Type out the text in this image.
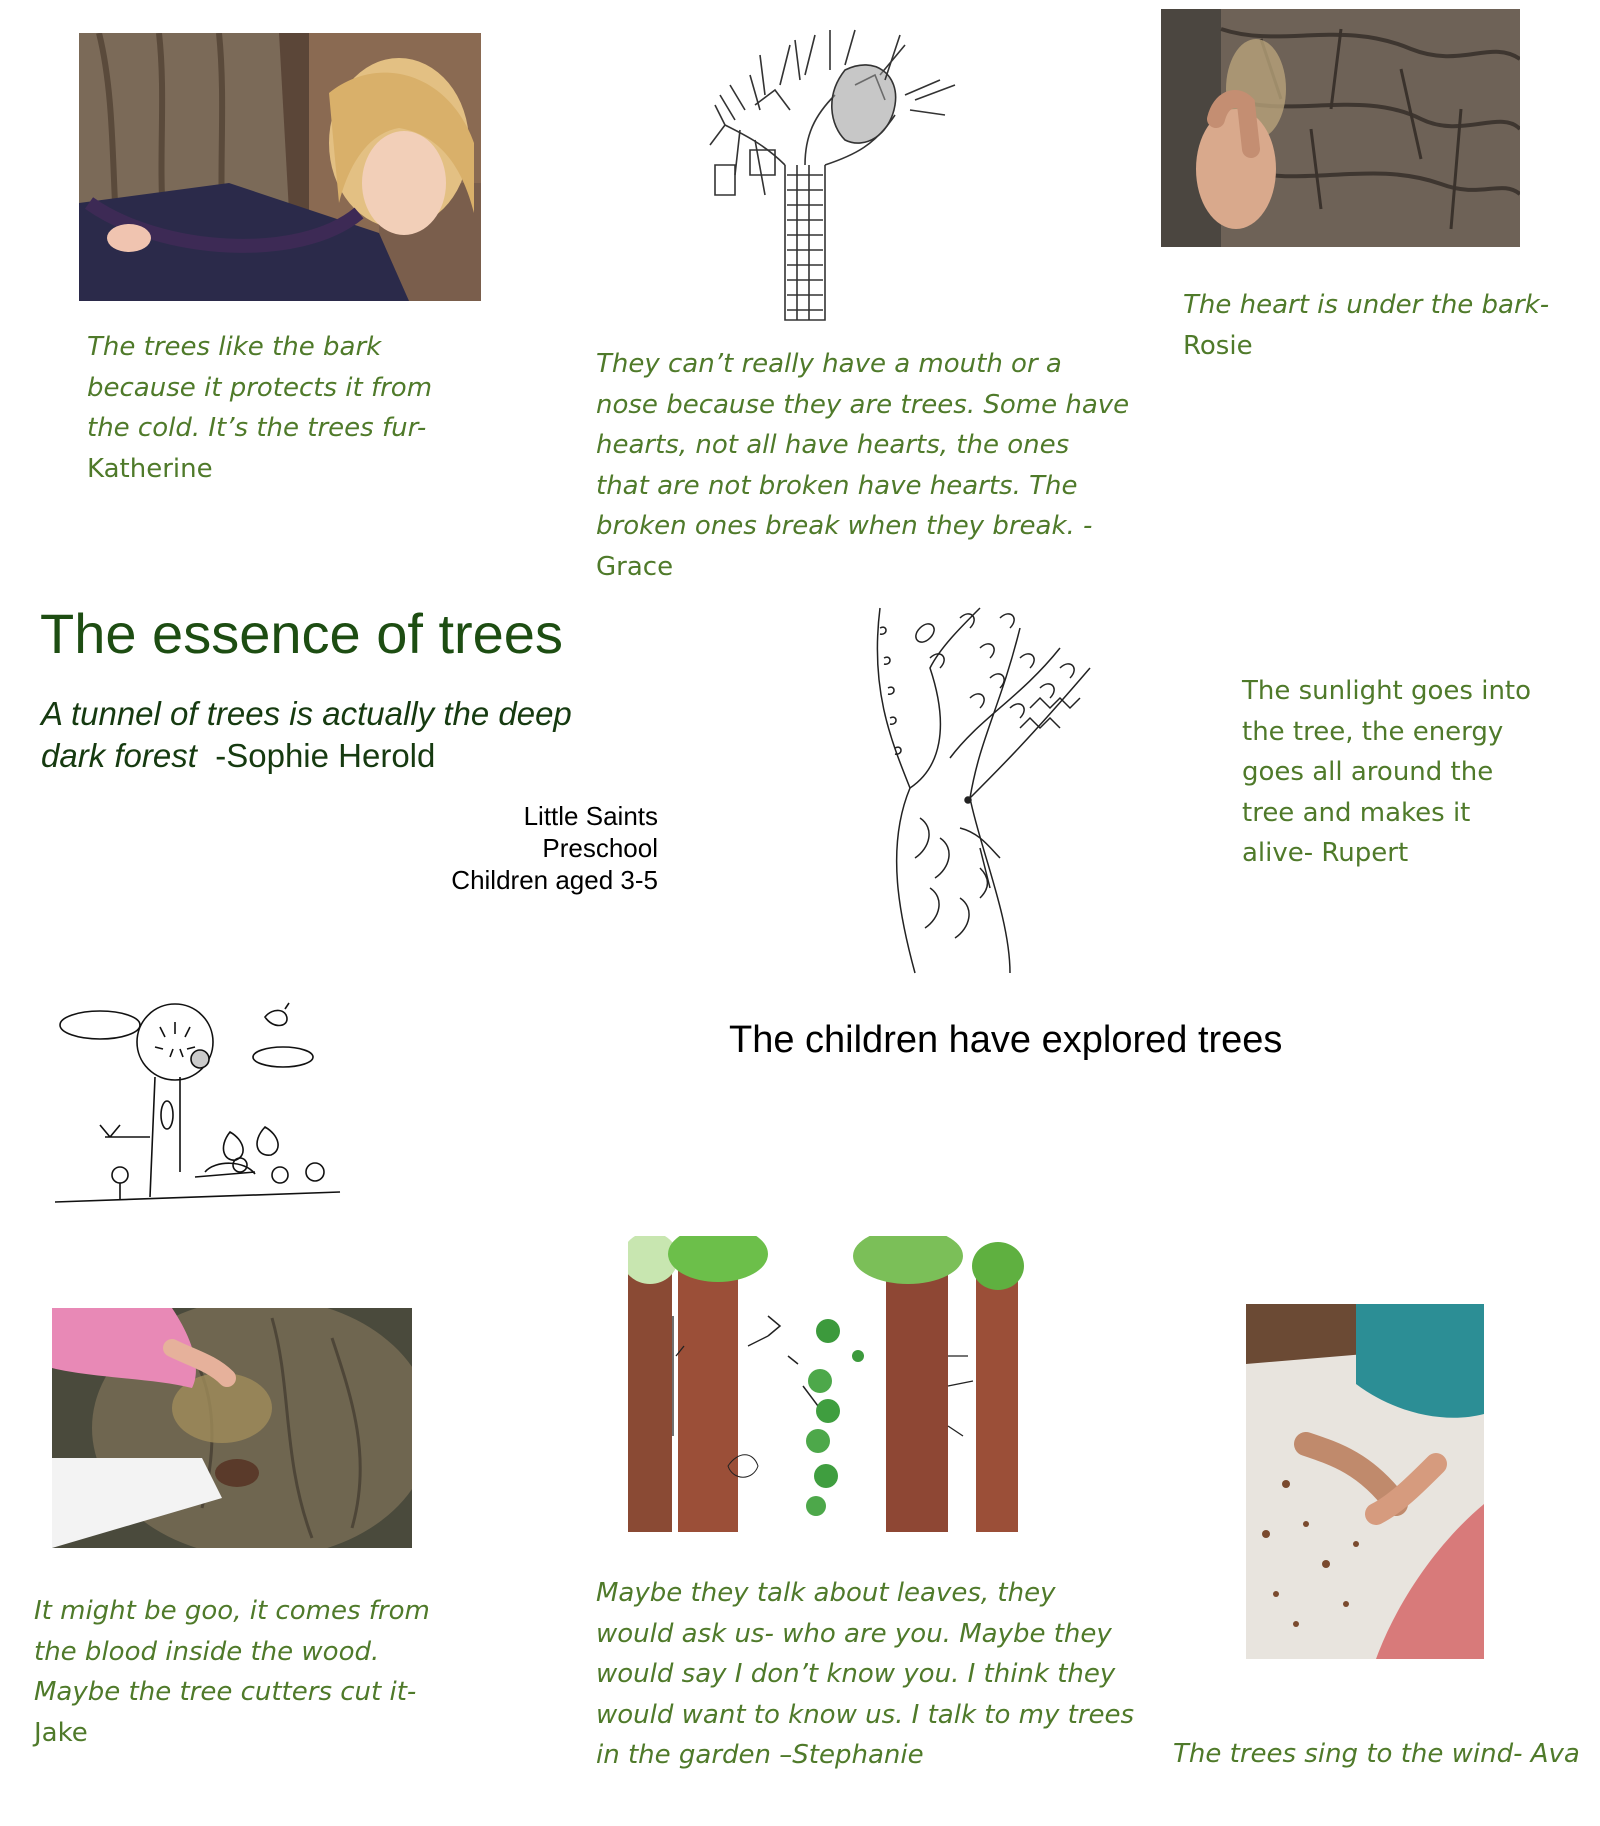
The trees like the bark
because it protects it from
the cold. It’s the trees fur-
Katherine
They can’t really have a mouth or a
nose because they are trees. Some have
hearts, not all have hearts, the ones
that are not broken have hearts. The
broken ones break when they break. -
Grace
The heart is under the bark-
Rosie
The essence of trees
A tunnel of trees is actually the deep
dark forest  -Sophie Herold
Little Saints
Preschool
Children aged 3-5
The sunlight goes into
the tree, the energy
goes all around the
tree and makes it
alive- Rupert
The children have explored trees
It might be goo, it comes from
the blood inside the wood.
Maybe the tree cutters cut it-
Jake
Maybe they talk about leaves, they
would ask us- who are you. Maybe they
would say I don’t know you. I think they
would want to know us. I talk to my trees
in the garden –Stephanie	The trees sing to the wind- Ava
